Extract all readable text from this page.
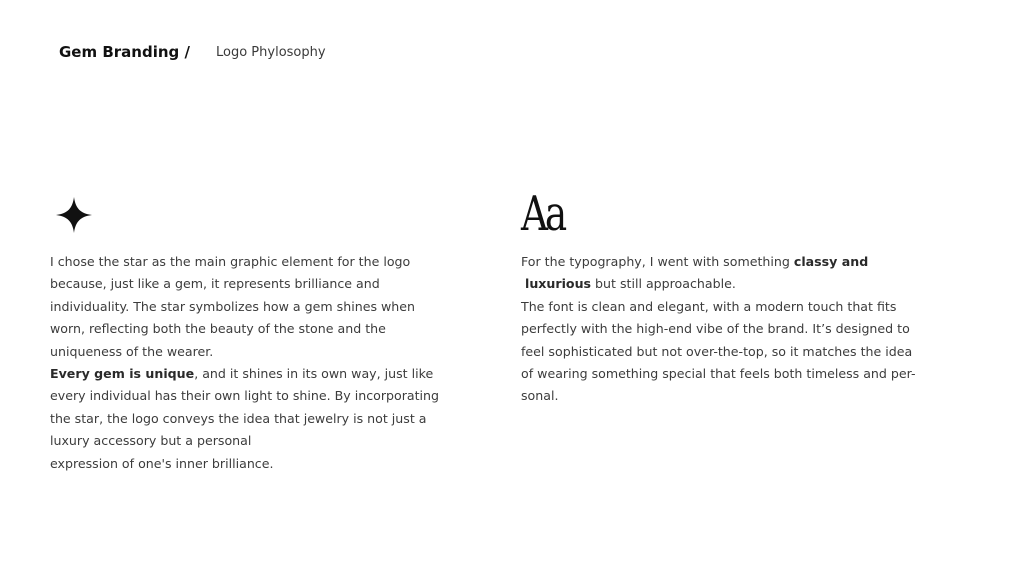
Gem Branding / Logo Phylosophy
Aa
I chose the star as the main graphic element for the logo
because, just like a gem, it represents brilliance and
individuality. The star symbolizes how a gem shines when
worn, reflecting both the beauty of the stone and the
uniqueness of the wearer.
Every gem is unique, and it shines in its own way, just like
every individual has their own light to shine. By incorporating
the star, the logo conveys the idea that jewelry is not just a
luxury accessory but a personal
expression of one's inner brilliance.
For the typography, I went with something classy and
luxurious but still approachable.
The font is clean and elegant, with a modern touch that fits
perfectly with the high-end vibe of the brand. It’s designed to
feel sophisticated but not over-the-top, so it matches the idea
of wearing something special that feels both timeless and per-
sonal.
